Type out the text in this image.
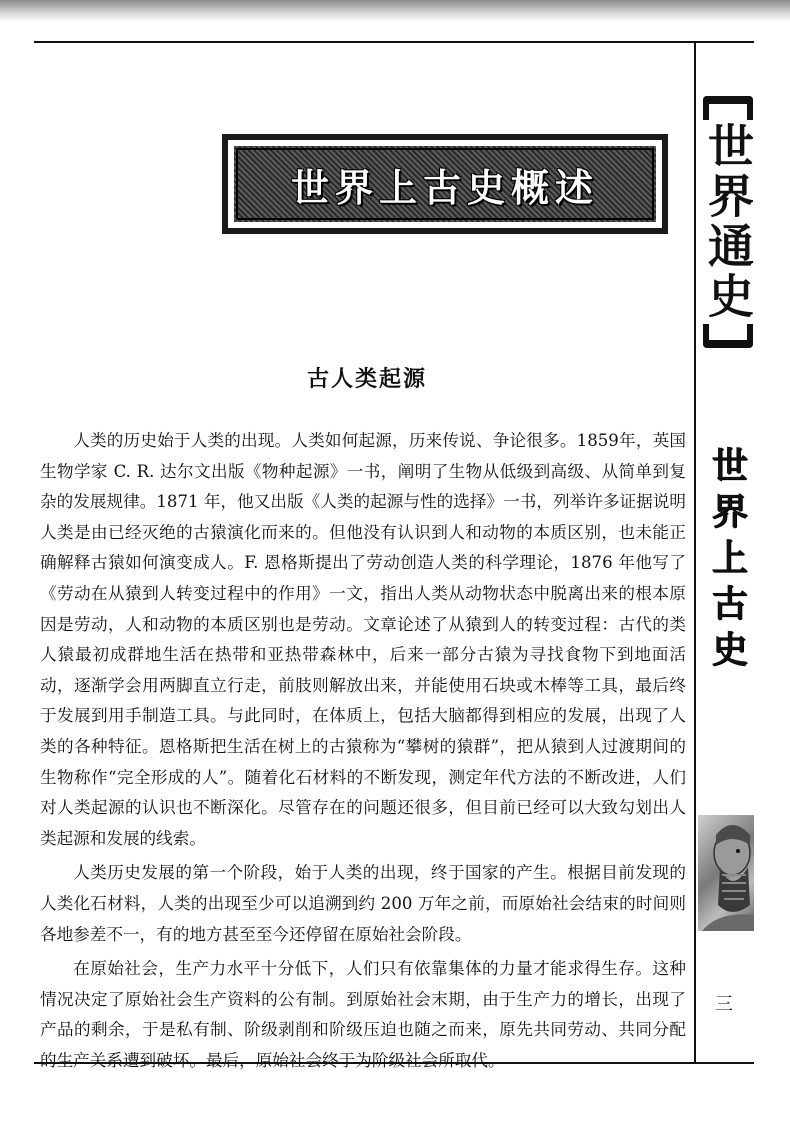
世界上古史概述
古人类起源

人类的历史始于人类的出现。人类如何起源，历来传说、争论很多。1859年，英国生物学家 C. R. 达尔文出版《物种起源》一书，阐明了生物从低级到高级、从简单到复杂的发展规律。1871 年，他又出版《人类的起源与性的选择》一书，列举许多证据说明人类是由已经灭绝的古猿演化而来的。但他没有认识到人和动物的本质区别，也未能正确解释古猿如何演变成人。F. 恩格斯提出了劳动创造人类的科学理论，1876 年他写了《劳动在从猿到人转变过程中的作用》一文，指出人类从动物状态中脱离出来的根本原因是劳动，人和动物的本质区别也是劳动。文章论述了从猿到人的转变过程：古代的类人猿最初成群地生活在热带和亚热带森林中，后来一部分古猿为寻找食物下到地面活动，逐渐学会用两脚直立行走，前肢则解放出来，并能使用石块或木棒等工具，最后终于发展到用手制造工具。与此同时，在体质上，包括大脑都得到相应的发展，出现了人类的各种特征。恩格斯把生活在树上的古猿称为“攀树的猿群”，把从猿到人过渡期间的生物称作“完全形成的人”。随着化石材料的不断发现，测定年代方法的不断改进，人们对人类起源的认识也不断深化。尽管存在的问题还很多，但目前已经可以大致勾划出人类起源和发展的线索。

人类历史发展的第一个阶段，始于人类的出现，终于国家的产生。根据目前发现的人类化石材料，人类的出现至少可以追溯到约 200 万年之前，而原始社会结束的时间则各地参差不一，有的地方甚至至今还停留在原始社会阶段。

在原始社会，生产力水平十分低下，人们只有依靠集体的力量才能求得生存。这种情况决定了原始社会生产资料的公有制。到原始社会末期，由于生产力的增长，出现了产品的剩余，于是私有制、阶级剥削和阶级压迫也随之而来，原先共同劳动、共同分配的生产关系遭到破坏。最后，原始社会终于为阶级社会所取代。

世界通史
世界上古史
三
